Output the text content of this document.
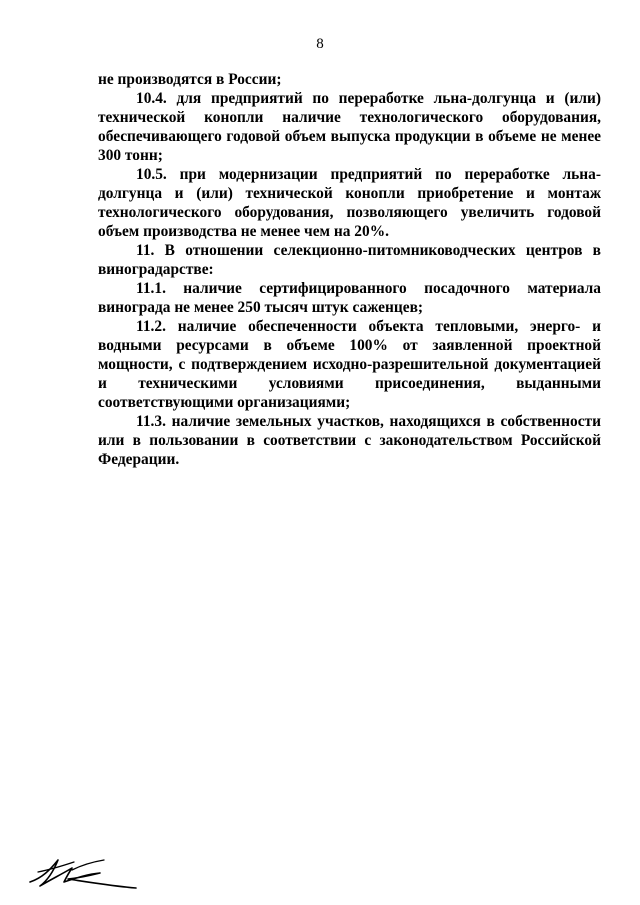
8

не производятся в России;

10.4. для предприятий по переработке льна-долгунца и (или) технической конопли наличие технологического оборудования, обеспечивающего годовой объем выпуска продукции в объеме не менее 300 тонн;

10.5. при модернизации предприятий по переработке льна-долгунца и (или) технической конопли приобретение и монтаж технологического оборудования, позволяющего увеличить годовой объем производства не менее чем на 20%.

11. В отношении селекционно-питомниководческих центров в виноградарстве:

11.1. наличие сертифицированного посадочного материала винограда не менее 250 тысяч штук саженцев;

11.2. наличие обеспеченности объекта тепловыми, энерго- и водными ресурсами в объеме 100% от заявленной проектной мощности, с подтверждением исходно-разрешительной документацией и техническими условиями присоединения, выданными соответствующими организациями;

11.3. наличие земельных участков, находящихся в собственности или в пользовании в соответствии с законодательством Российской Федерации.
